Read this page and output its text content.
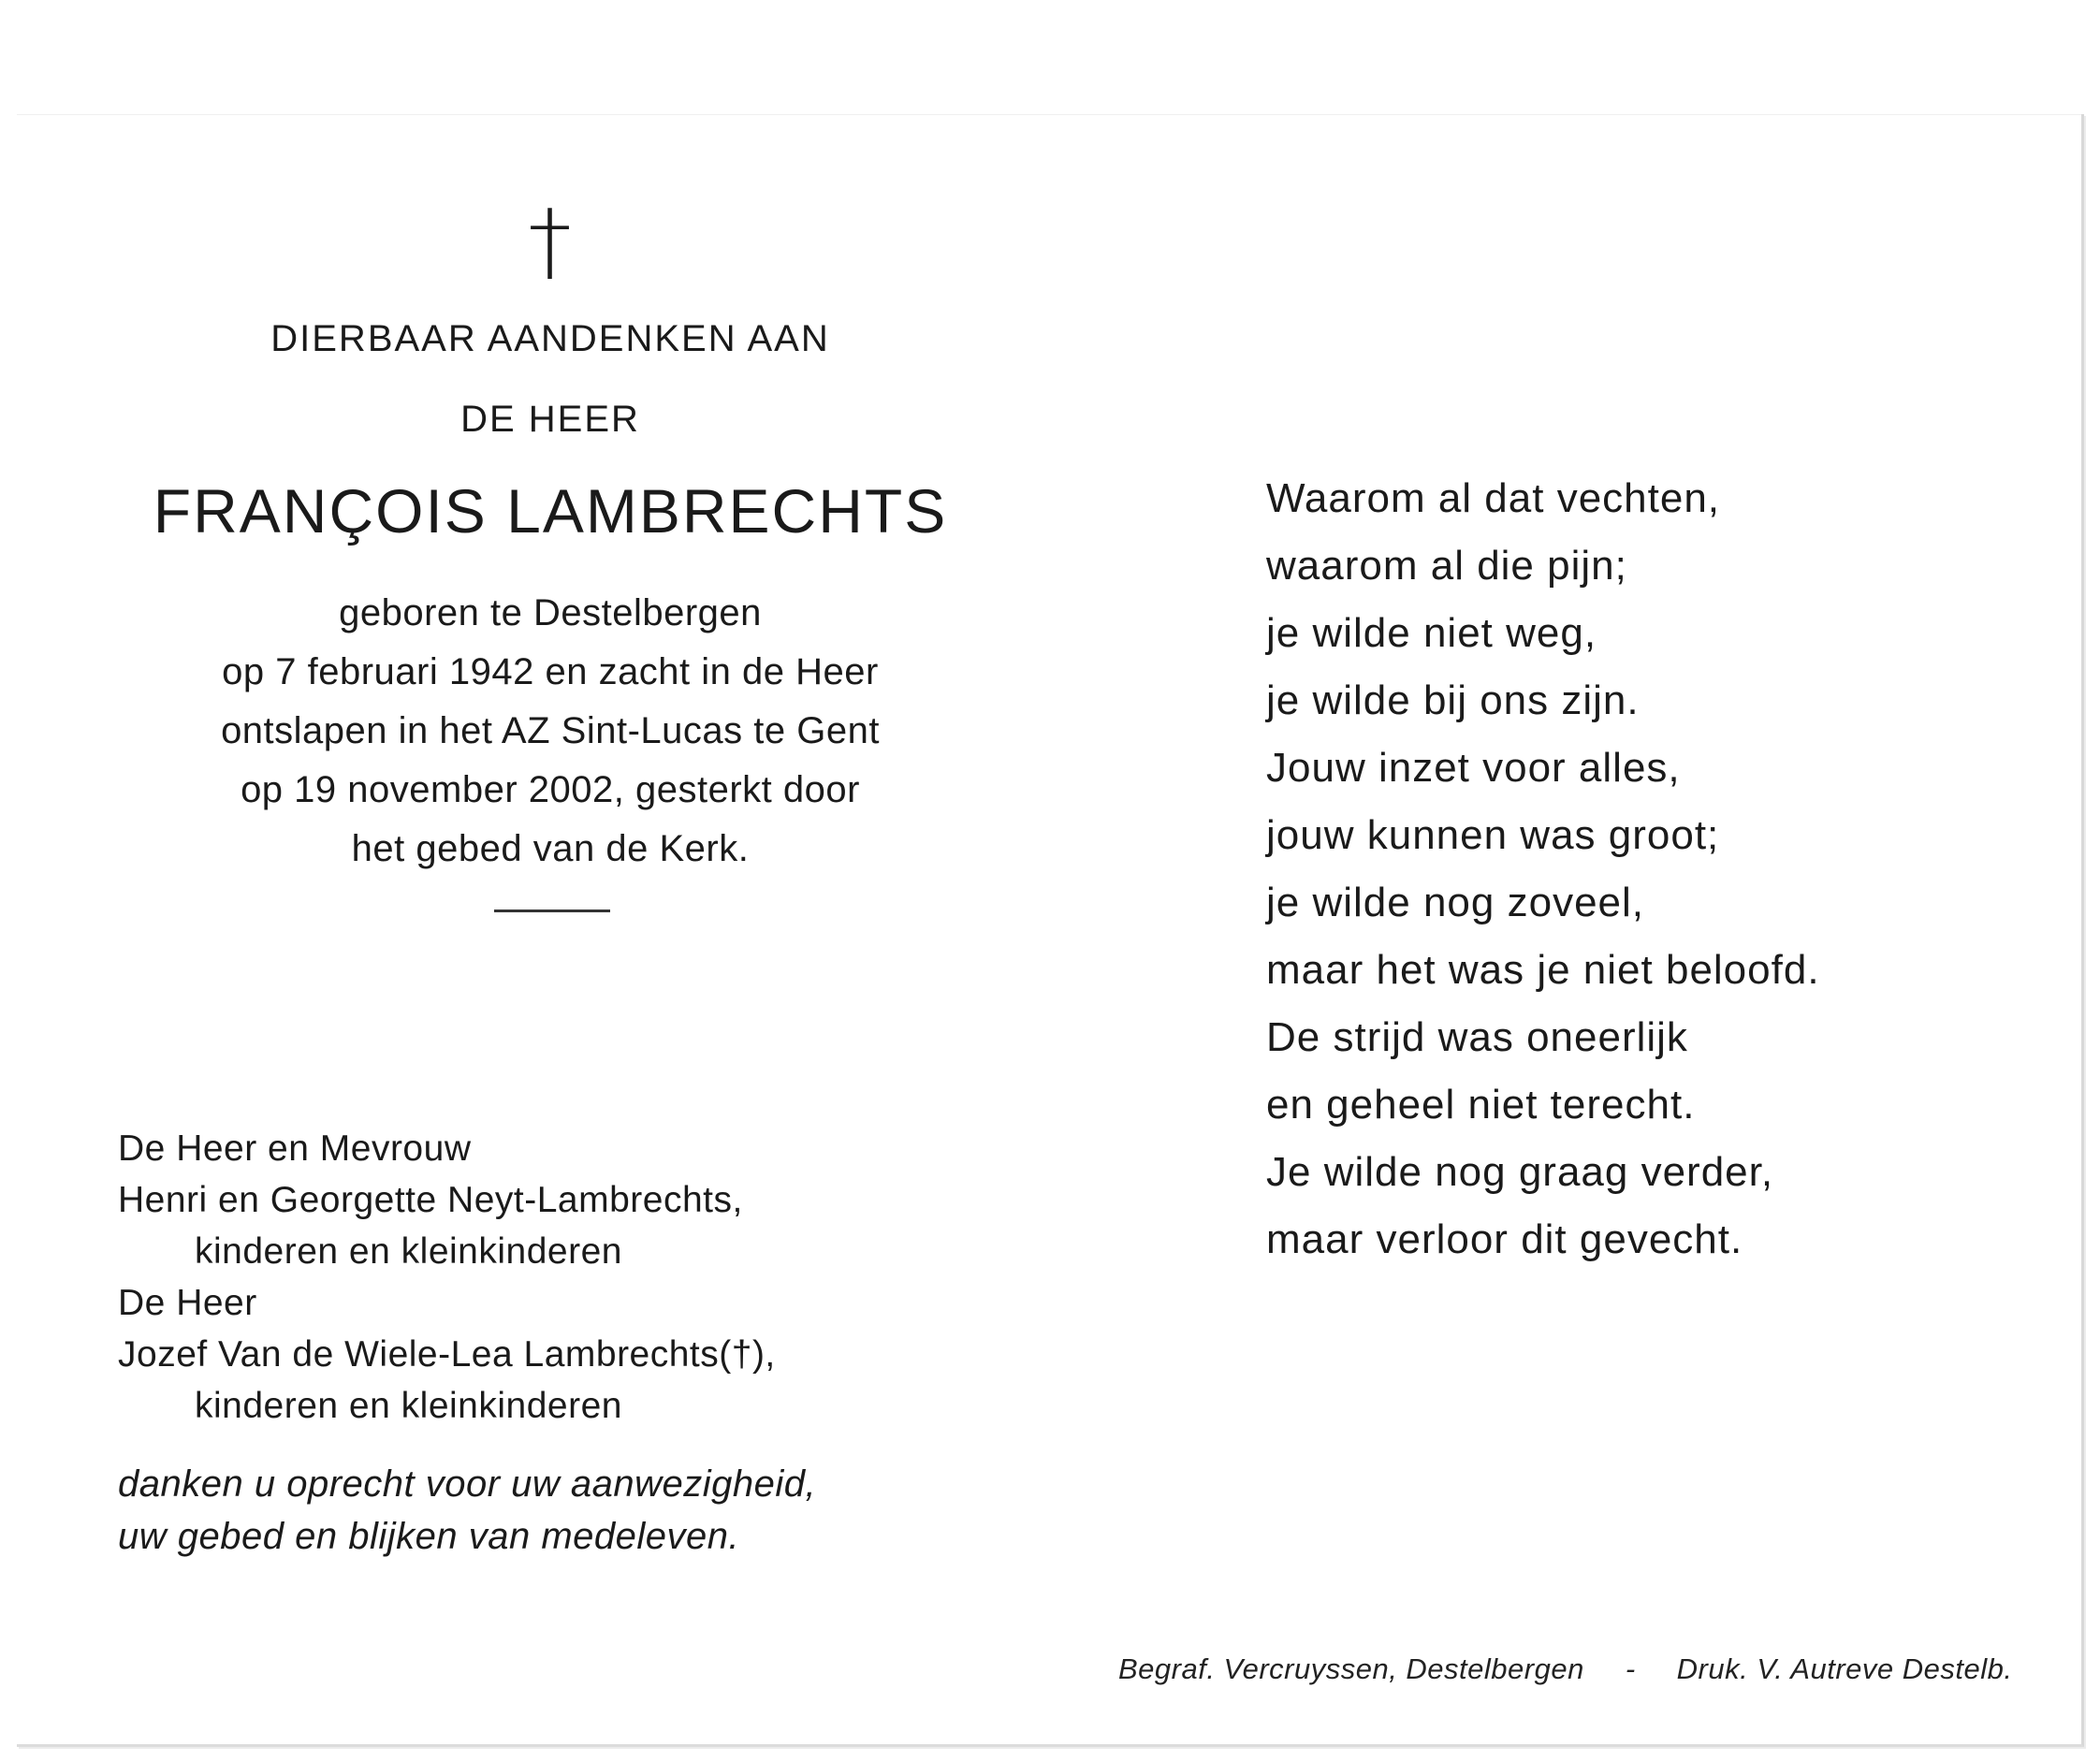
†
DIERBAAR AANDENKEN AAN
DE HEER
FRANÇOIS LAMBRECHTS
geboren te Destelbergen
op 7 februari 1942 en zacht in de Heer
ontslapen in het AZ Sint-Lucas te Gent
op 19 november 2002, gesterkt door
het gebed van de Kerk.
De Heer en Mevrouw
Henri en Georgette Neyt-Lambrechts,
kinderen en kleinkinderen
De Heer
Jozef Van de Wiele-Lea Lambrechts(†),
kinderen en kleinkinderen
danken u oprecht voor uw aanwezigheid,
uw gebed en blijken van medeleven.
Waarom al dat vechten,
waarom al die pijn;
je wilde niet weg,
je wilde bij ons zijn.
Jouw inzet voor alles,
jouw kunnen was groot;
je wilde nog zoveel,
maar het was je niet beloofd.
De strijd was oneerlijk
en geheel niet terecht.
Je wilde nog graag verder,
maar verloor dit gevecht.
Begraf. Vercruyssen, Destelbergen - Druk. V. Autreve Destelb.
